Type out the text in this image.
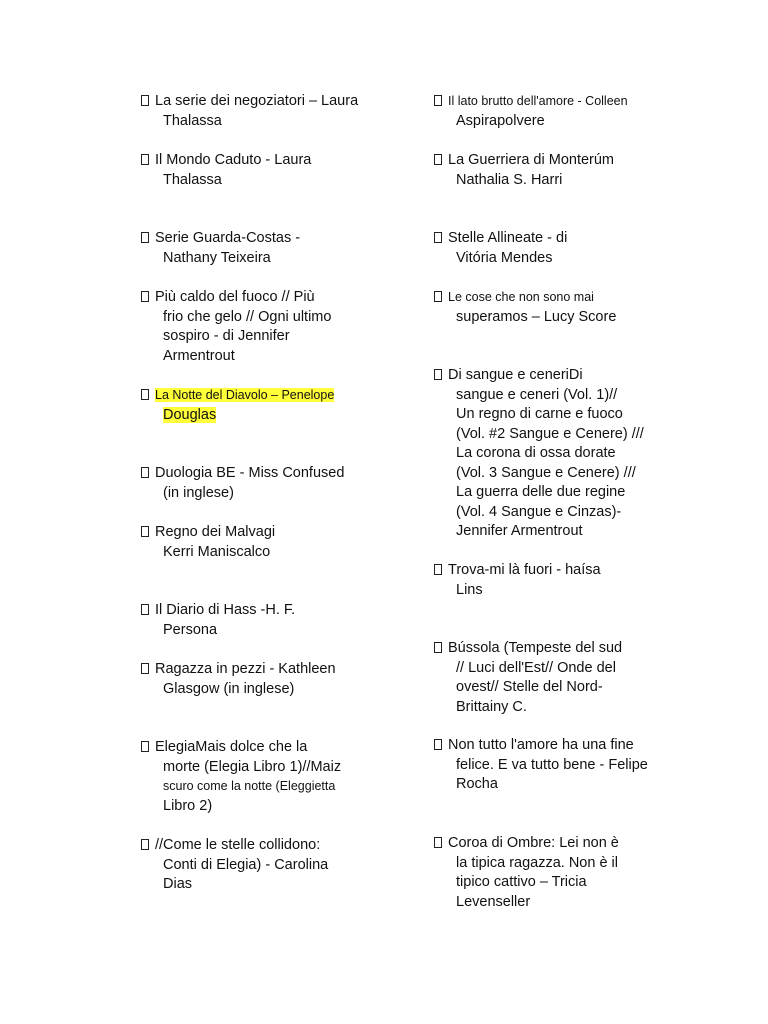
La serie dei negoziatori – Laura
Thalassa
Il Mondo Caduto - Laura
Thalassa
Serie Guarda-Costas -
Nathany Teixeira
Più caldo del fuoco // Più
frio che gelo // Ogni ultimo
sospiro - di Jennifer
Armentrout
La Notte del Diavolo – Penelope
Douglas
Duologia BE - Miss Confused
(in inglese)
Regno dei Malvagi
Kerri Maniscalco
Il Diario di Hass -H. F.
Persona
Ragazza in pezzi - Kathleen
Glasgow (in inglese)
ElegiaMais dolce che la
morte (Elegia Libro 1)//Maiz
scuro come la notte (Eleggietta
Libro 2)
//Come le stelle collidono:
Conti di Elegia) - Carolina
Dias
Il lato brutto dell'amore - Colleen
Aspirapolvere
La Guerriera di Monterúm
Nathalia S. Harri
Stelle Allineate - di
Vitória Mendes
Le cose che non sono mai
superamos – Lucy Score
Di sangue e ceneriDi
sangue e ceneri (Vol. 1)//
Un regno di carne e fuoco
(Vol. #2 Sangue e Cenere) ///
La corona di ossa dorate
(Vol. 3 Sangue e Cenere) ///
La guerra delle due regine
(Vol. 4 Sangue e Cinzas)-
Jennifer Armentrout
Trova-mi là fuori - haísa
Lins
Bússola (Tempeste del sud
// Luci dell'Est// Onde del
ovest// Stelle del Nord-
Brittainy C.
Non tutto l'amore ha una fine
felice. E va tutto bene - Felipe
Rocha
Coroa di Ombre: Lei non è
la tipica ragazza. Non è il
tipico cattivo – Tricia
Levenseller
